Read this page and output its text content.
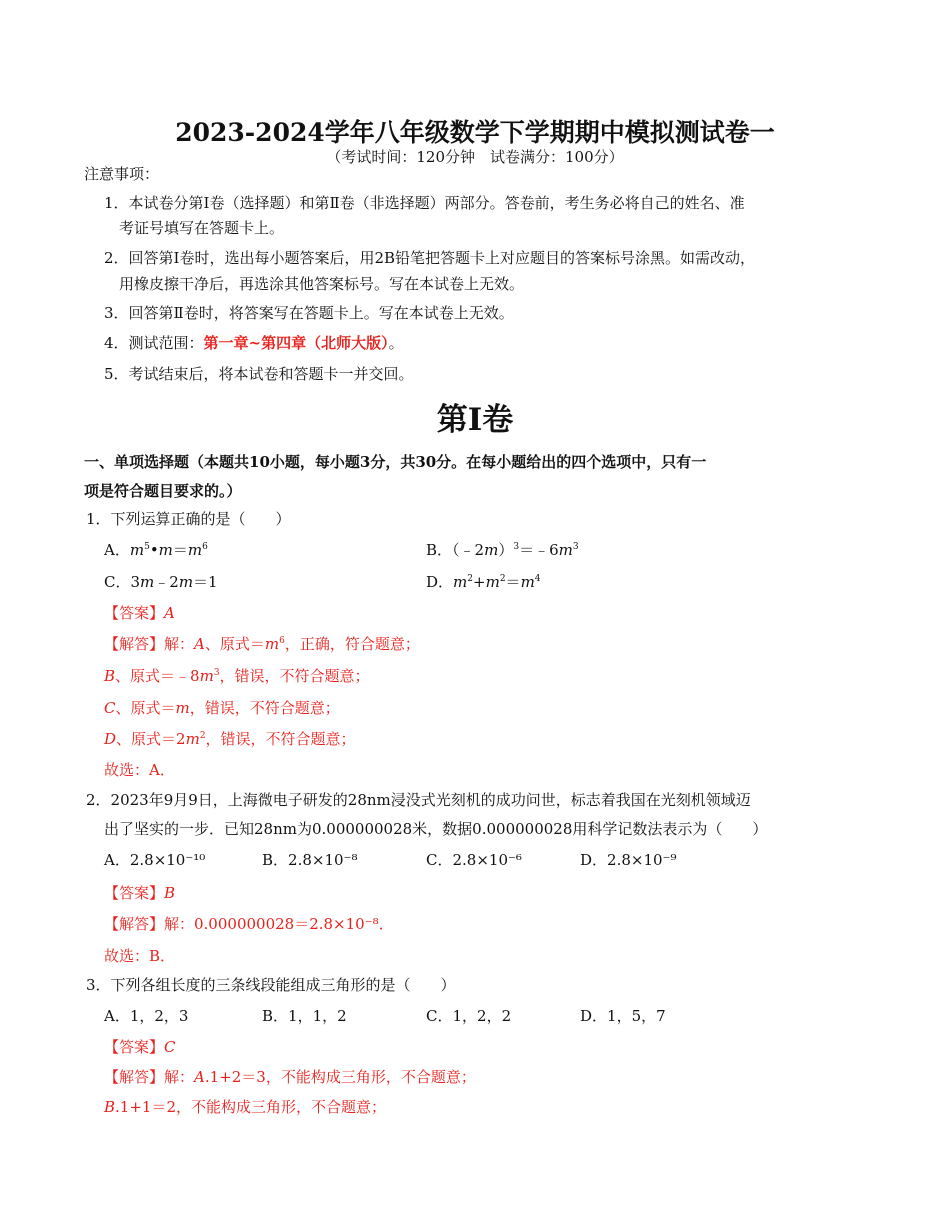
2023-2024学年八年级数学下学期期中模拟测试卷一
（考试时间：120分钟　试卷满分：100分）
注意事项：
1．本试卷分第Ⅰ卷（选择题）和第Ⅱ卷（非选择题）两部分。答卷前，考生务必将自己的姓名、准
考证号填写在答题卡上。
2．回答第Ⅰ卷时，选出每小题答案后，用2B铅笔把答题卡上对应题目的答案标号涂黑。如需改动，
用橡皮擦干净后，再选涂其他答案标号。写在本试卷上无效。
3．回答第Ⅱ卷时，将答案写在答题卡上。写在本试卷上无效。
4．测试范围：第一章~第四章（北师大版）。
5．考试结束后，将本试卷和答题卡一并交回。
第Ⅰ卷
一、单项选择题（本题共10小题，每小题3分，共30分。在每小题给出的四个选项中，只有一
项是符合题目要求的。）
1．下列运算正确的是（　　）
A．$m^5•m=m^6$	B．$(﹣2m)^3=﹣6m^3$
C．3m﹣2m＝1	D．$m^2+m^2=m^4$
【答案】A
【解答】解：A、原式$=m^6$，正确，符合题意；
B、原式$=﹣8m^3$，错误，不符合题意；
C、原式＝m，错误，不符合题意；
D、原式$=2m^2$，错误，不符合题意；
故选：A．
2．2023年9月9日，上海微电子研发的28nm浸没式光刻机的成功问世，标志着我国在光刻机领域迈
出了坚实的一步．已知28nm为0.000000028米，数据0.000000028用科学记数法表示为（　　）
A．2.8×10⁻¹⁰	B．2.8×10⁻⁸	C．2.8×10⁻⁶	D．2.8×10⁻⁹
【答案】B
【解答】解：0.000000028＝2.8×10⁻⁸．
故选：B．
3．下列各组长度的三条线段能组成三角形的是（　　）
A．1，2，3	B．1，1，2	C．1，2，2	D．1，5，7
【答案】C
【解答】解：A.1+2＝3，不能构成三角形，不合题意；
B.1+1＝2，不能构成三角形，不合题意；
